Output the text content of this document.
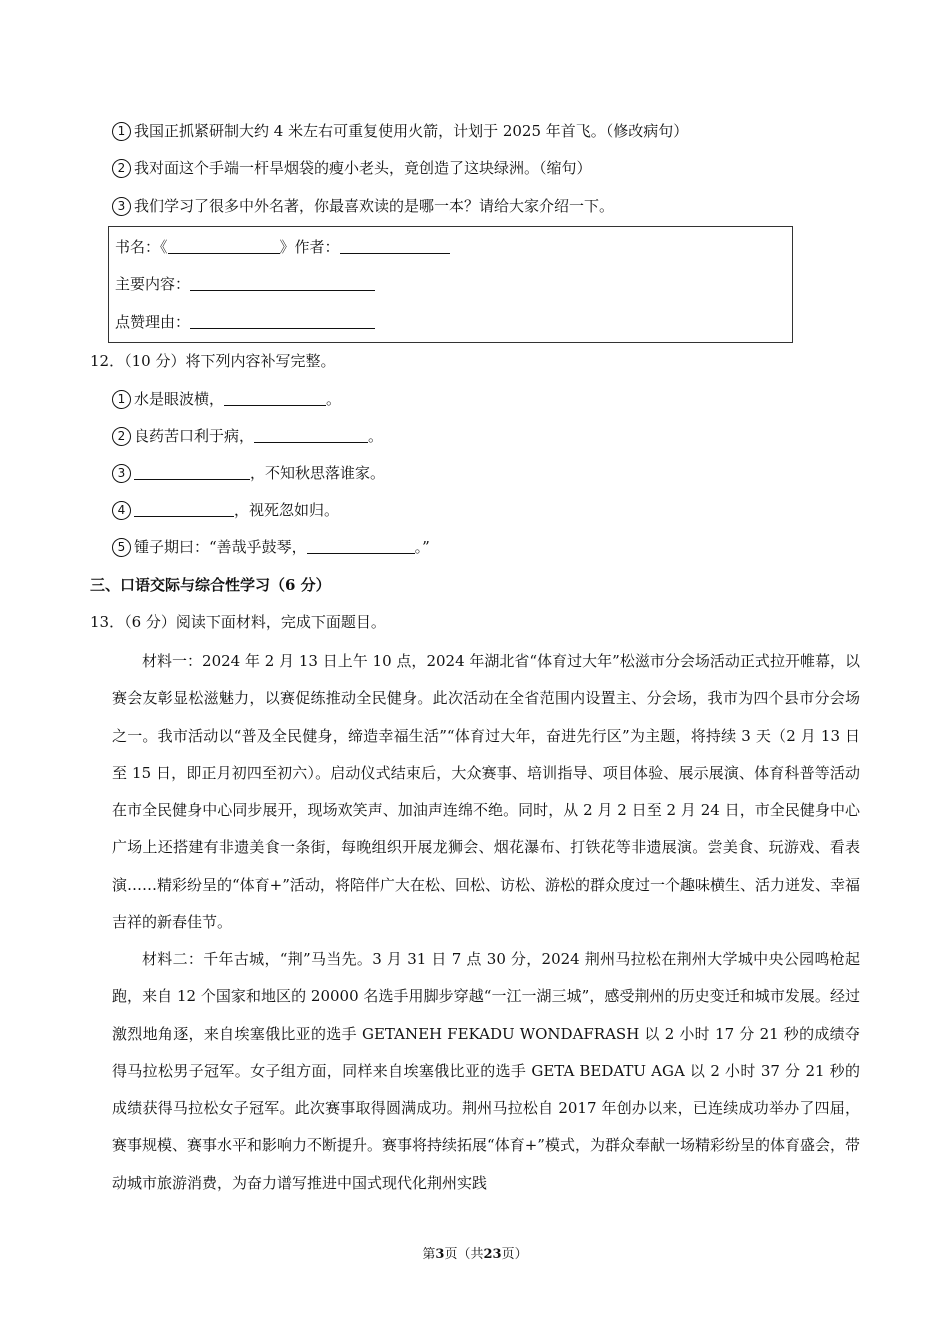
1 我国正抓紧研制大约 4 米左右可重复使用火箭，计划于 2025 年首飞。（修改病句）
2 我对面这个手端一杆旱烟袋的瘦小老头，竟创造了这块绿洲。（缩句）
3 我们学习了很多中外名著，你最喜欢读的是哪一本？请给大家介绍一下。
书名：《	》作者：
主要内容：
点赞理由：
12．（10 分）将下列内容补写完整。
1 水是眼波横，	。
2 良药苦口利于病，	。
3	，不知秋思落谁家。
4	，视死忽如归。
5 锺子期曰：“善哉乎鼓琴，	。”
三、口语交际与综合性学习（6 分）
13．（6 分）阅读下面材料，完成下面题目。
材料一：2024 年 2 月 13 日上午 10 点，2024 年湖北省“体育过大年”松滋市分会场活动正式拉开帷幕，以赛会友彰显松滋魅力，以赛促练推动全民健身。此次活动在全省范围内设置主、分会场，我市为四个县市分会场之一。我市活动以“普及全民健身，缔造幸福生活”“体育过大年，奋进先行区”为主题，将持续 3 天（2 月 13 日至 15 日，即正月初四至初六）。启动仪式结束后，大众赛事、培训指导、项目体验、展示展演、体育科普等活动在市全民健身中心同步展开，现场欢笑声、加油声连绵不绝。同时，从 2 月 2 日至 2 月 24 日，市全民健身中心广场上还搭建有非遗美食一条街，每晚组织开展龙狮会、烟花瀑布、打铁花等非遗展演。尝美食、玩游戏、看表演……精彩纷呈的“体育+”活动，将陪伴广大在松、回松、访松、游松的群众度过一个趣味横生、活力迸发、幸福吉祥的新春佳节。
材料二：千年古城，“荆”马当先。3 月 31 日 7 点 30 分，2024 荆州马拉松在荆州大学城中央公园鸣枪起跑，来自 12 个国家和地区的 20000 名选手用脚步穿越“一江一湖三城”，感受荆州的历史变迁和城市发展。经过激烈地角逐，来自埃塞俄比亚的选手 GETANEH FEKADU WONDAFRASH 以 2 小时 17 分 21 秒的成绩夺得马拉松男子冠军。女子组方面，同样来自埃塞俄比亚的选手 GETA BEDATU AGA 以 2 小时 37 分 21 秒的成绩获得马拉松女子冠军。此次赛事取得圆满成功。荆州马拉松自 2017 年创办以来，已连续成功举办了四届，赛事规模、赛事水平和影响力不断提升。赛事将持续拓展“体育+”模式，为群众奉献一场精彩纷呈的体育盛会，带动城市旅游消费，为奋力谱写推进中国式现代化荆州实践
第3页（共23页）
